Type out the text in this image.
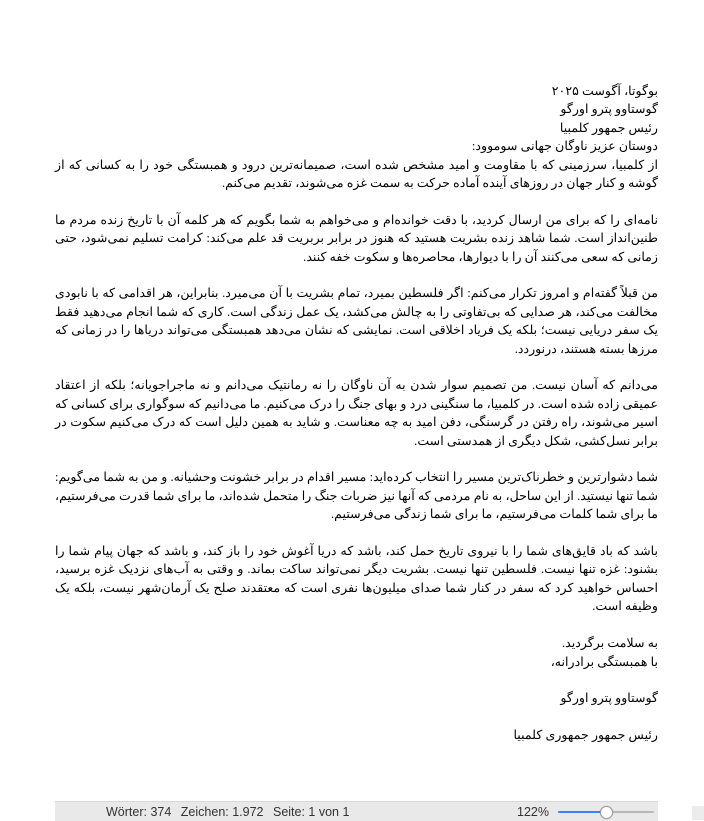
بوگوتا، آگوست ۲۰۲۵

گوستاوو پترو اورگو

رئیس جمهور کلمبیا

دوستان عزیز ناوگان جهانی سوموود:

از کلمبیا، سرزمینی که با مقاومت و امید مشخص شده است، صمیمانه‌ترین درود و همبستگی خود را به کسانی که از گوشه و کنار جهان در روزهای آینده آماده حرکت به سمت غزه می‌شوند، تقدیم می‌کنم.

نامه‌ای را که برای من ارسال کردید، با دقت خوانده‌ام و می‌خواهم به شما بگویم که هر کلمه آن با تاریخ زنده مردم ما طنین‌انداز است. شما شاهد زنده بشریت هستید که هنوز در برابر بربریت قد علم می‌کند: کرامت تسلیم نمی‌شود، حتی زمانی که سعی می‌کنند آن را با دیوارها، محاصره‌ها و سکوت خفه کنند.

من قبلاً گفته‌ام و امروز تکرار می‌کنم: اگر فلسطین بمیرد، تمام بشریت با آن می‌میرد. بنابراین، هر اقدامی که با نابودی مخالفت می‌کند، هر صدایی که بی‌تفاوتی را به چالش می‌کشد، یک عمل زندگی است. کاری که شما انجام می‌دهید فقط یک سفر دریایی نیست؛ بلکه یک فریاد اخلاقی است. نمایشی که نشان می‌دهد همبستگی می‌تواند دریاها را در زمانی که مرزها بسته هستند، درنوردد.

می‌دانم که آسان نیست. من تصمیم سوار شدن به آن ناوگان را نه رمانتیک می‌دانم و نه ماجراجویانه؛ بلکه از اعتقاد عمیقی زاده شده است. در کلمبیا، ما سنگینی درد و بهای جنگ را درک می‌کنیم. ما می‌دانیم که سوگواری برای کسانی که اسیر می‌شوند، راه رفتن در گرسنگی، دفن امید به چه معناست. و شاید به همین دلیل است که درک می‌کنیم سکوت در برابر نسل‌کشی، شکل دیگری از همدستی است.

شما دشوارترین و خطرناک‌ترین مسیر را انتخاب کرده‌اید: مسیر اقدام در برابر خشونت وحشیانه. و من به شما می‌گویم: شما تنها نیستید. از این ساحل، به نام مردمی که آنها نیز ضربات جنگ را متحمل شده‌اند، ما برای شما قدرت می‌فرستیم، ما برای شما کلمات می‌فرستیم، ما برای شما زندگی می‌فرستیم.

باشد که باد قایق‌های شما را با نیروی تاریخ حمل کند، باشد که دریا آغوش خود را باز کند، و باشد که جهان پیام شما را بشنود: غزه تنها نیست. فلسطین تنها نیست. بشریت دیگر نمی‌تواند ساکت بماند. و وقتی به آب‌های نزدیک غزه برسید، احساس خواهید کرد که سفر در کنار شما صدای میلیون‌ها نفری است که معتقدند صلح یک آرمان‌شهر نیست، بلکه یک وظیفه است.

به سلامت برگردید.

با همبستگی برادرانه،

گوستاوو پترو اورگو

رئیس جمهور جمهوری کلمبیا

Wörter: 374 Zeichen: 1.972 Seite: 1 von 1	122%
